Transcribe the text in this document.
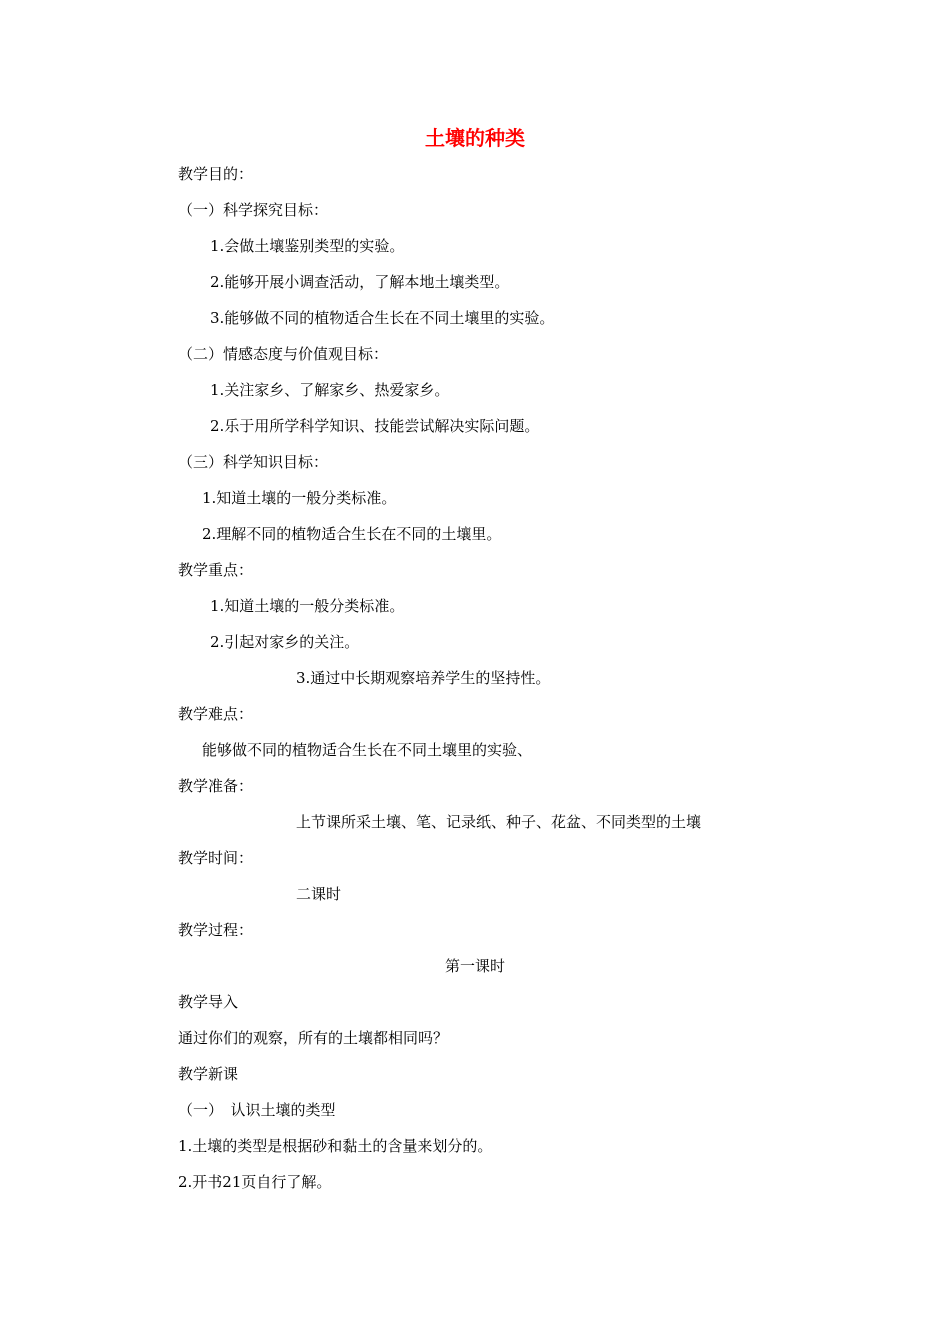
土壤的种类
教学目的：
（一）科学探究目标：
1.会做土壤鉴别类型的实验。
2.能够开展小调查活动，了解本地土壤类型。
3.能够做不同的植物适合生长在不同土壤里的实验。
（二）情感态度与价值观目标：
1.关注家乡、了解家乡、热爱家乡。
2.乐于用所学科学知识、技能尝试解决实际问题。
（三）科学知识目标：
1.知道土壤的一般分类标准。
2.理解不同的植物适合生长在不同的土壤里。
教学重点：
1.知道土壤的一般分类标准。
2.引起对家乡的关注。
3.通过中长期观察培养学生的坚持性。
教学难点：
能够做不同的植物适合生长在不同土壤里的实验、
教学准备：
上节课所采土壤、笔、记录纸、种子、花盆、不同类型的土壤
教学时间：
二课时
教学过程：
第一课时
教学导入
通过你们的观察，所有的土壤都相同吗？
教学新课
（一）　认识土壤的类型
1.土壤的类型是根据砂和黏土的含量来划分的。
2.开书21页自行了解。
